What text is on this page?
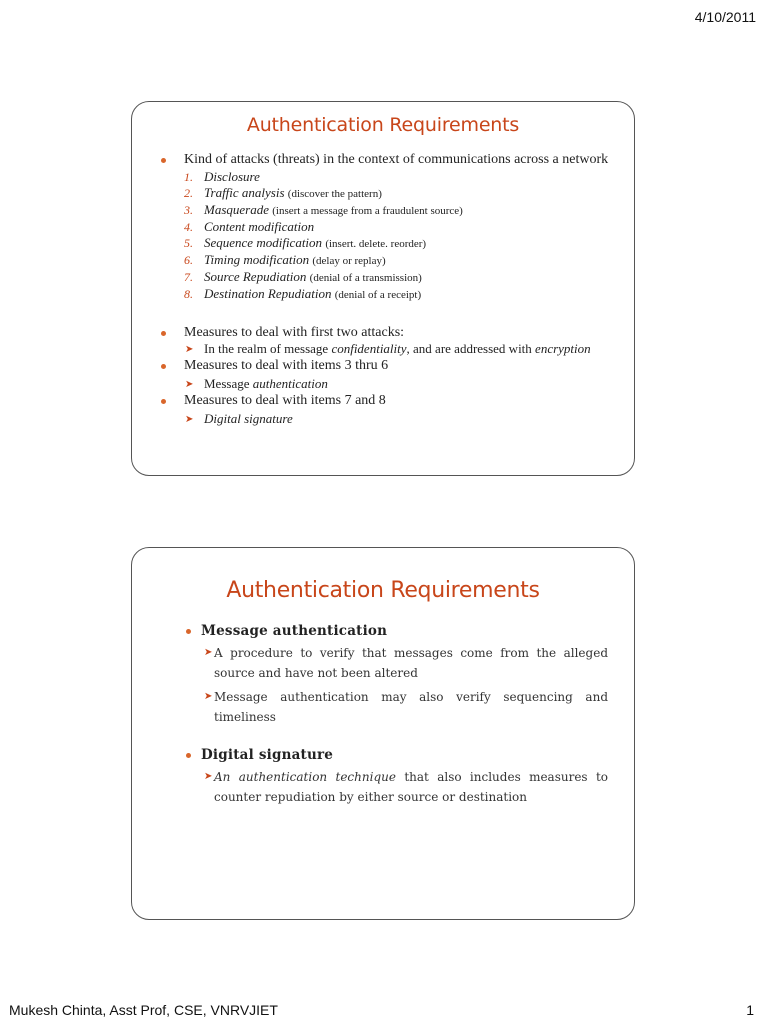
4/10/2011
Authentication Requirements
Kind of attacks (threats) in the context of communications across a network
1. Disclosure
2. Traffic analysis (discover the pattern)
3. Masquerade (insert a message from a fraudulent source)
4. Content modification
5. Sequence modification (insert. delete. reorder)
6. Timing modification (delay or replay)
7. Source Repudiation (denial of a transmission)
8. Destination Repudiation (denial of a receipt)
Measures to deal with first two attacks:
➤ In the realm of message confidentiality, and are addressed with encryption
Measures to deal with items 3 thru 6
➤ Message authentication
Measures to deal with items 7 and 8
➤ Digital signature
Authentication Requirements
Message authentication
➤ A procedure to verify that messages come from the alleged source and have not been altered
➤ Message authentication may also verify sequencing and timeliness
Digital signature
➤ An authentication technique that also includes measures to counter repudiation by either source or destination
Mukesh Chinta, Asst Prof, CSE, VNRVJIET	1
